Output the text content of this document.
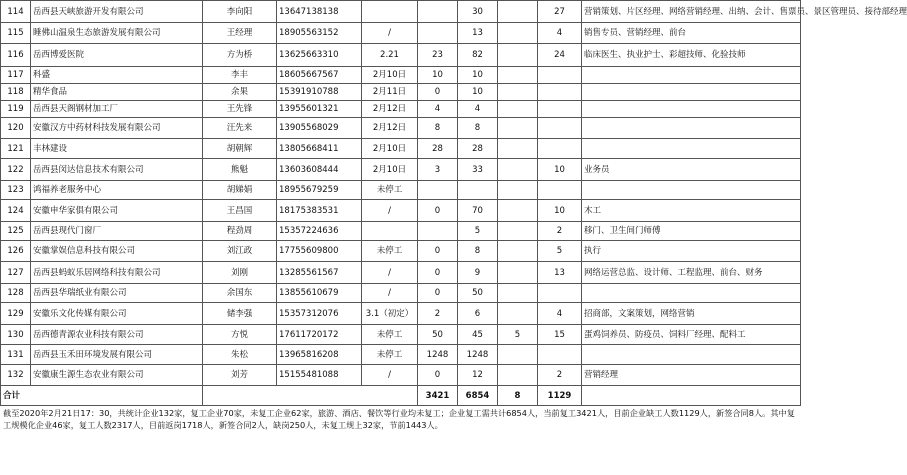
114	岳西县天峡旅游开发有限公司	李向阳	13647138138			30		27	营销策划、片区经理、网络营销经理、出纳、会计、售票员、景区管理员、接待部经理
115	睡佛山温泉生态旅游发展有限公司	王经理	18905563152	/		13		4	销售专员、营销经理、前台
116	岳西博爱医院	方为桥	13625663310	2.21	23	82		24	临床医生、执业护士、彩超技师、化验技师
117	科盛	李丰	18605667567	2月10日	10	10			
118	精华食品	余果	15391910788	2月11日	0	10			
119	岳西县天阁钢材加工厂	王先锋	13955601321	2月12日	4	4			
120	安徽汉方中药材科技发展有限公司	汪先来	13905568029	2月12日	8	8			
121	丰林建设	胡朝辉	13805668411	2月10日	28	28			
122	岳西县闵达信息技术有限公司	熊魁	13603608444	2月10日	3	33		10	业务员
123	鸿福养老服务中心	胡娣娟	18955679259	未停工					
124	安徽申华家俱有限公司	王昌国	18175383531	/	0	70		10	木工
125	岳西县现代门窗厂	程劲周	15357224636			5		2	移门、卫生间门师傅
126	安徽掌娱信息科技有限公司	刘江政	17755609800	未停工	0	8		5	执行
127	岳西县蚂蚁乐居网络科技有限公司	刘刚	13285561567	/	0	9		13	网络运营总监、设计师、工程监理、前台、财务
128	岳西县华瑞纸业有限公司	余国东	13855610679	/	0	50			
129	安徽乐文化传媒有限公司	储李强	15357312076	3.1（初定）	2	6		4	招商部，文案策划，网络营销
130	岳西德青源农业科技有限公司	方悦	17611720172	未停工	50	45	5	15	蛋鸡饲养员、防疫员、饲料厂经理、配料工
131	岳西县玉禾田环境发展有限公司	朱松	13965816208	未停工	1248	1248			
132	安徽康生源生态农业有限公司	刘芳	15155481088	/	0	12		2	营销经理
合计					3421	6854	8	1129	
截至2020年2月21日17：30，共统计企业132家，复工企业70家，未复工企业62家，旅游、酒店、餐饮等行业均未复工；企业复工需共计6854人，当前复工3421人，目前企业缺工人数1129人，新签合同8人。其中复工规模化企业46家，复工人数2317人，目前返岗1718人，新签合同2人，缺岗250人，未复工规上32家，节前1443人。
